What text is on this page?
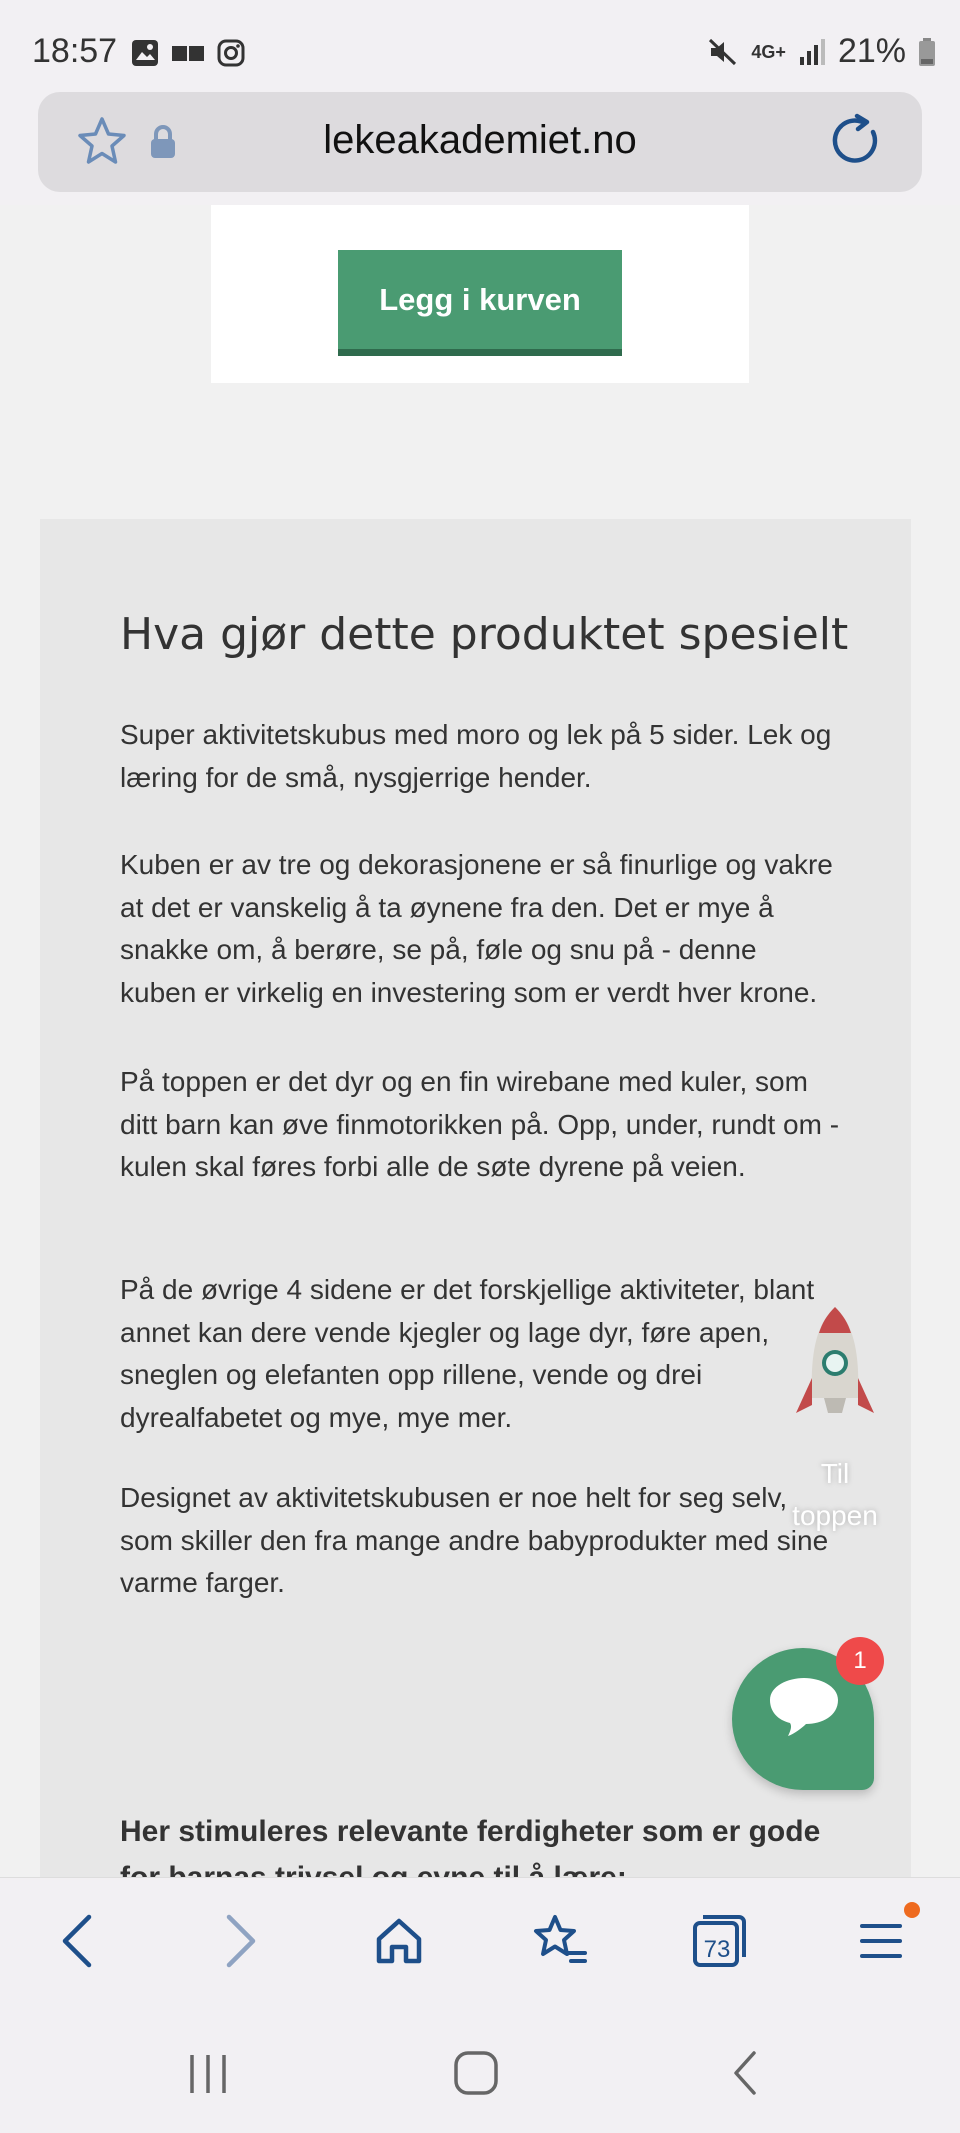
18:57	4G+ 21%
lekeakademiet.no
Legg i kurven
Hva gjør dette produktet spesielt

Super aktivitetskubus med moro og lek på 5 sider. Lek og læring for de små, nysgjerrige hender.

Kuben er av tre og dekorasjonene er så finurlige og vakre at det er vanskelig å ta øynene fra den. Det er mye å snakke om, å berøre, se på, føle og snu på - denne kuben er virkelig en investering som er verdt hver krone.

På toppen er det dyr og en fin wirebane med kuler, som ditt barn kan øve finmotorikken på. Opp, under, rundt om - kulen skal føres forbi alle de søte dyrene på veien.

På de øvrige 4 sidene er det forskjellige aktiviteter, blant annet kan dere vende kjegler og lage dyr, føre apen, sneglen og elefanten opp rillene, vende og drei dyrealfabetet og mye, mye mer.

Designet av aktivitetskubusen er noe helt for seg selv, som skiller den fra mange andre babyprodukter med sine varme farger.

Her stimuleres relevante ferdigheter som er gode
Til toppen
1
73
